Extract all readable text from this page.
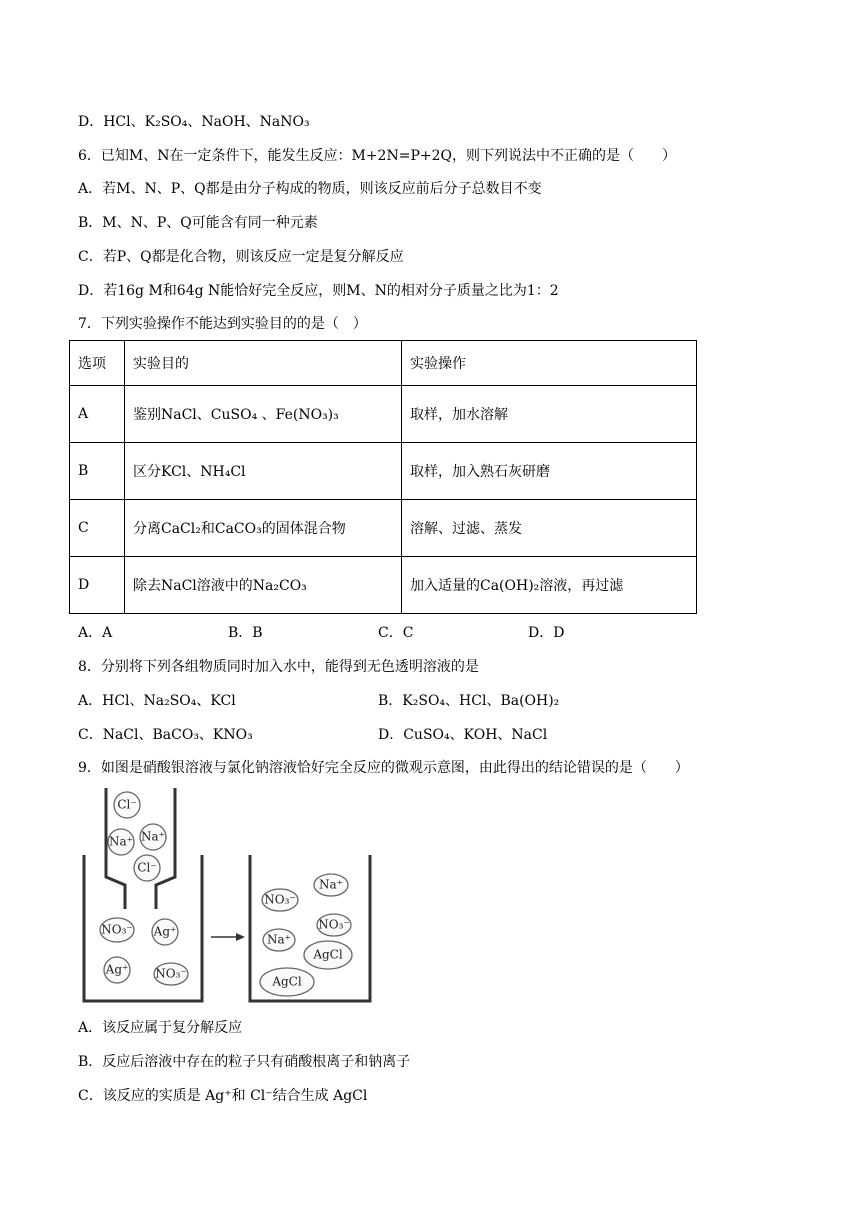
D．HCl、K₂SO₄、NaOH、NaNO₃
6．已知M、N在一定条件下，能发生反应：M+2N=P+2Q，则下列说法中不正确的是（　　）
A．若M、N、P、Q都是由分子构成的物质，则该反应前后分子总数目不变
B．M、N、P、Q可能含有同一种元素
C．若P、Q都是化合物，则该反应一定是复分解反应
D．若16g M和64g N能恰好完全反应，则M、N的相对分子质量之比为1：2
7．下列实验操作不能达到实验目的的是（　）
选项	实验目的	实验操作
A	鉴别NaCl、CuSO₄ 、Fe(NO₃)₃	取样，加水溶解
B	区分KCl、NH₄Cl	取样，加入熟石灰研磨
C	分离CaCl₂和CaCO₃的固体混合物	溶解、过滤、蒸发
D	除去NaCl溶液中的Na₂CO₃	加入适量的Ca(OH)₂溶液，再过滤
A．A	B．B	C．C	D．D
8．分别将下列各组物质同时加入水中，能得到无色透明溶液的是
A．HCl、Na₂SO₄、KCl	B．K₂SO₄、HCl、Ba(OH)₂
C．NaCl、BaCO₃、KNO₃	D．CuSO₄、KOH、NaCl
9．如图是硝酸银溶液与氯化钠溶液恰好完全反应的微观示意图，由此得出的结论错误的是（　　）
Cl⁻
Na⁺ Na⁺
Cl⁻
NO₃⁻ Ag⁺
Ag⁺ NO₃⁻
Na⁺
NO₃⁻
NO₃⁻
Na⁺
AgCl
AgCl
A．该反应属于复分解反应
B．反应后溶液中存在的粒子只有硝酸根离子和钠离子
C．该反应的实质是 Ag⁺和 Cl⁻结合生成 AgCl
